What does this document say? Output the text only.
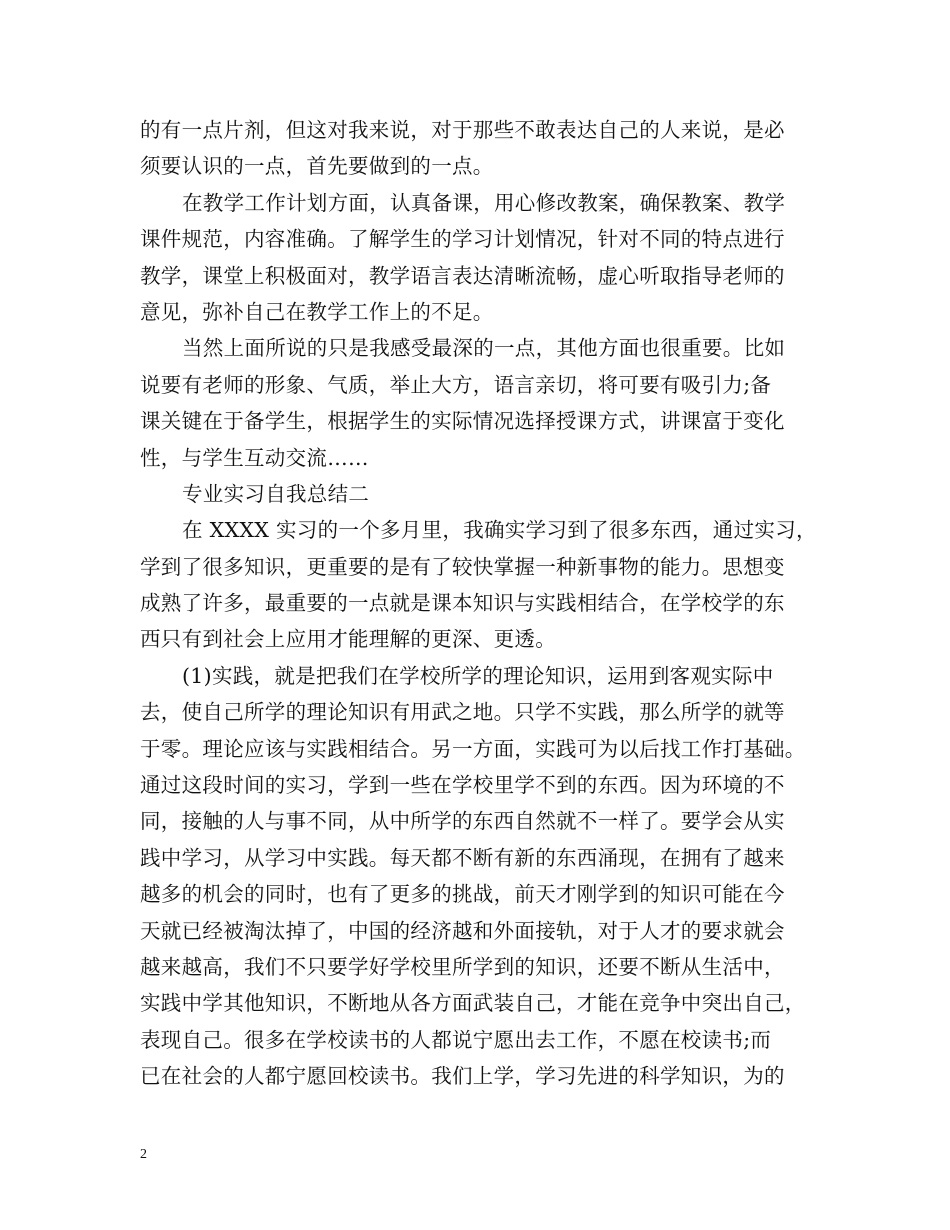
的有一点片剂，但这对我来说，对于那些不敢表达自己的人来说，是必
须要认识的一点，首先要做到的一点。
在教学工作计划方面，认真备课，用心修改教案，确保教案、教学
课件规范，内容准确。了解学生的学习计划情况，针对不同的特点进行
教学，课堂上积极面对，教学语言表达清晰流畅，虚心听取指导老师的
意见，弥补自己在教学工作上的不足。
当然上面所说的只是我感受最深的一点，其他方面也很重要。比如
说要有老师的形象、气质，举止大方，语言亲切，将可要有吸引力;备
课关键在于备学生，根据学生的实际情况选择授课方式，讲课富于变化
性，与学生互动交流……
专业实习自我总结二
在 XXXX 实习的一个多月里，我确实学习到了很多东西，通过实习，
学到了很多知识，更重要的是有了较快掌握一种新事物的能力。思想变
成熟了许多，最重要的一点就是课本知识与实践相结合，在学校学的东
西只有到社会上应用才能理解的更深、更透。
(1)实践，就是把我们在学校所学的理论知识，运用到客观实际中
去，使自己所学的理论知识有用武之地。只学不实践，那么所学的就等
于零。理论应该与实践相结合。另一方面，实践可为以后找工作打基础。
通过这段时间的实习，学到一些在学校里学不到的东西。因为环境的不
同，接触的人与事不同，从中所学的东西自然就不一样了。要学会从实
践中学习，从学习中实践。每天都不断有新的东西涌现，在拥有了越来
越多的机会的同时，也有了更多的挑战，前天才刚学到的知识可能在今
天就已经被淘汰掉了，中国的经济越和外面接轨，对于人才的要求就会
越来越高，我们不只要学好学校里所学到的知识，还要不断从生活中，
实践中学其他知识，不断地从各方面武装自己，才能在竞争中突出自己，
表现自己。很多在学校读书的人都说宁愿出去工作，不愿在校读书;而
已在社会的人都宁愿回校读书。我们上学，学习先进的科学知识，为的
2
